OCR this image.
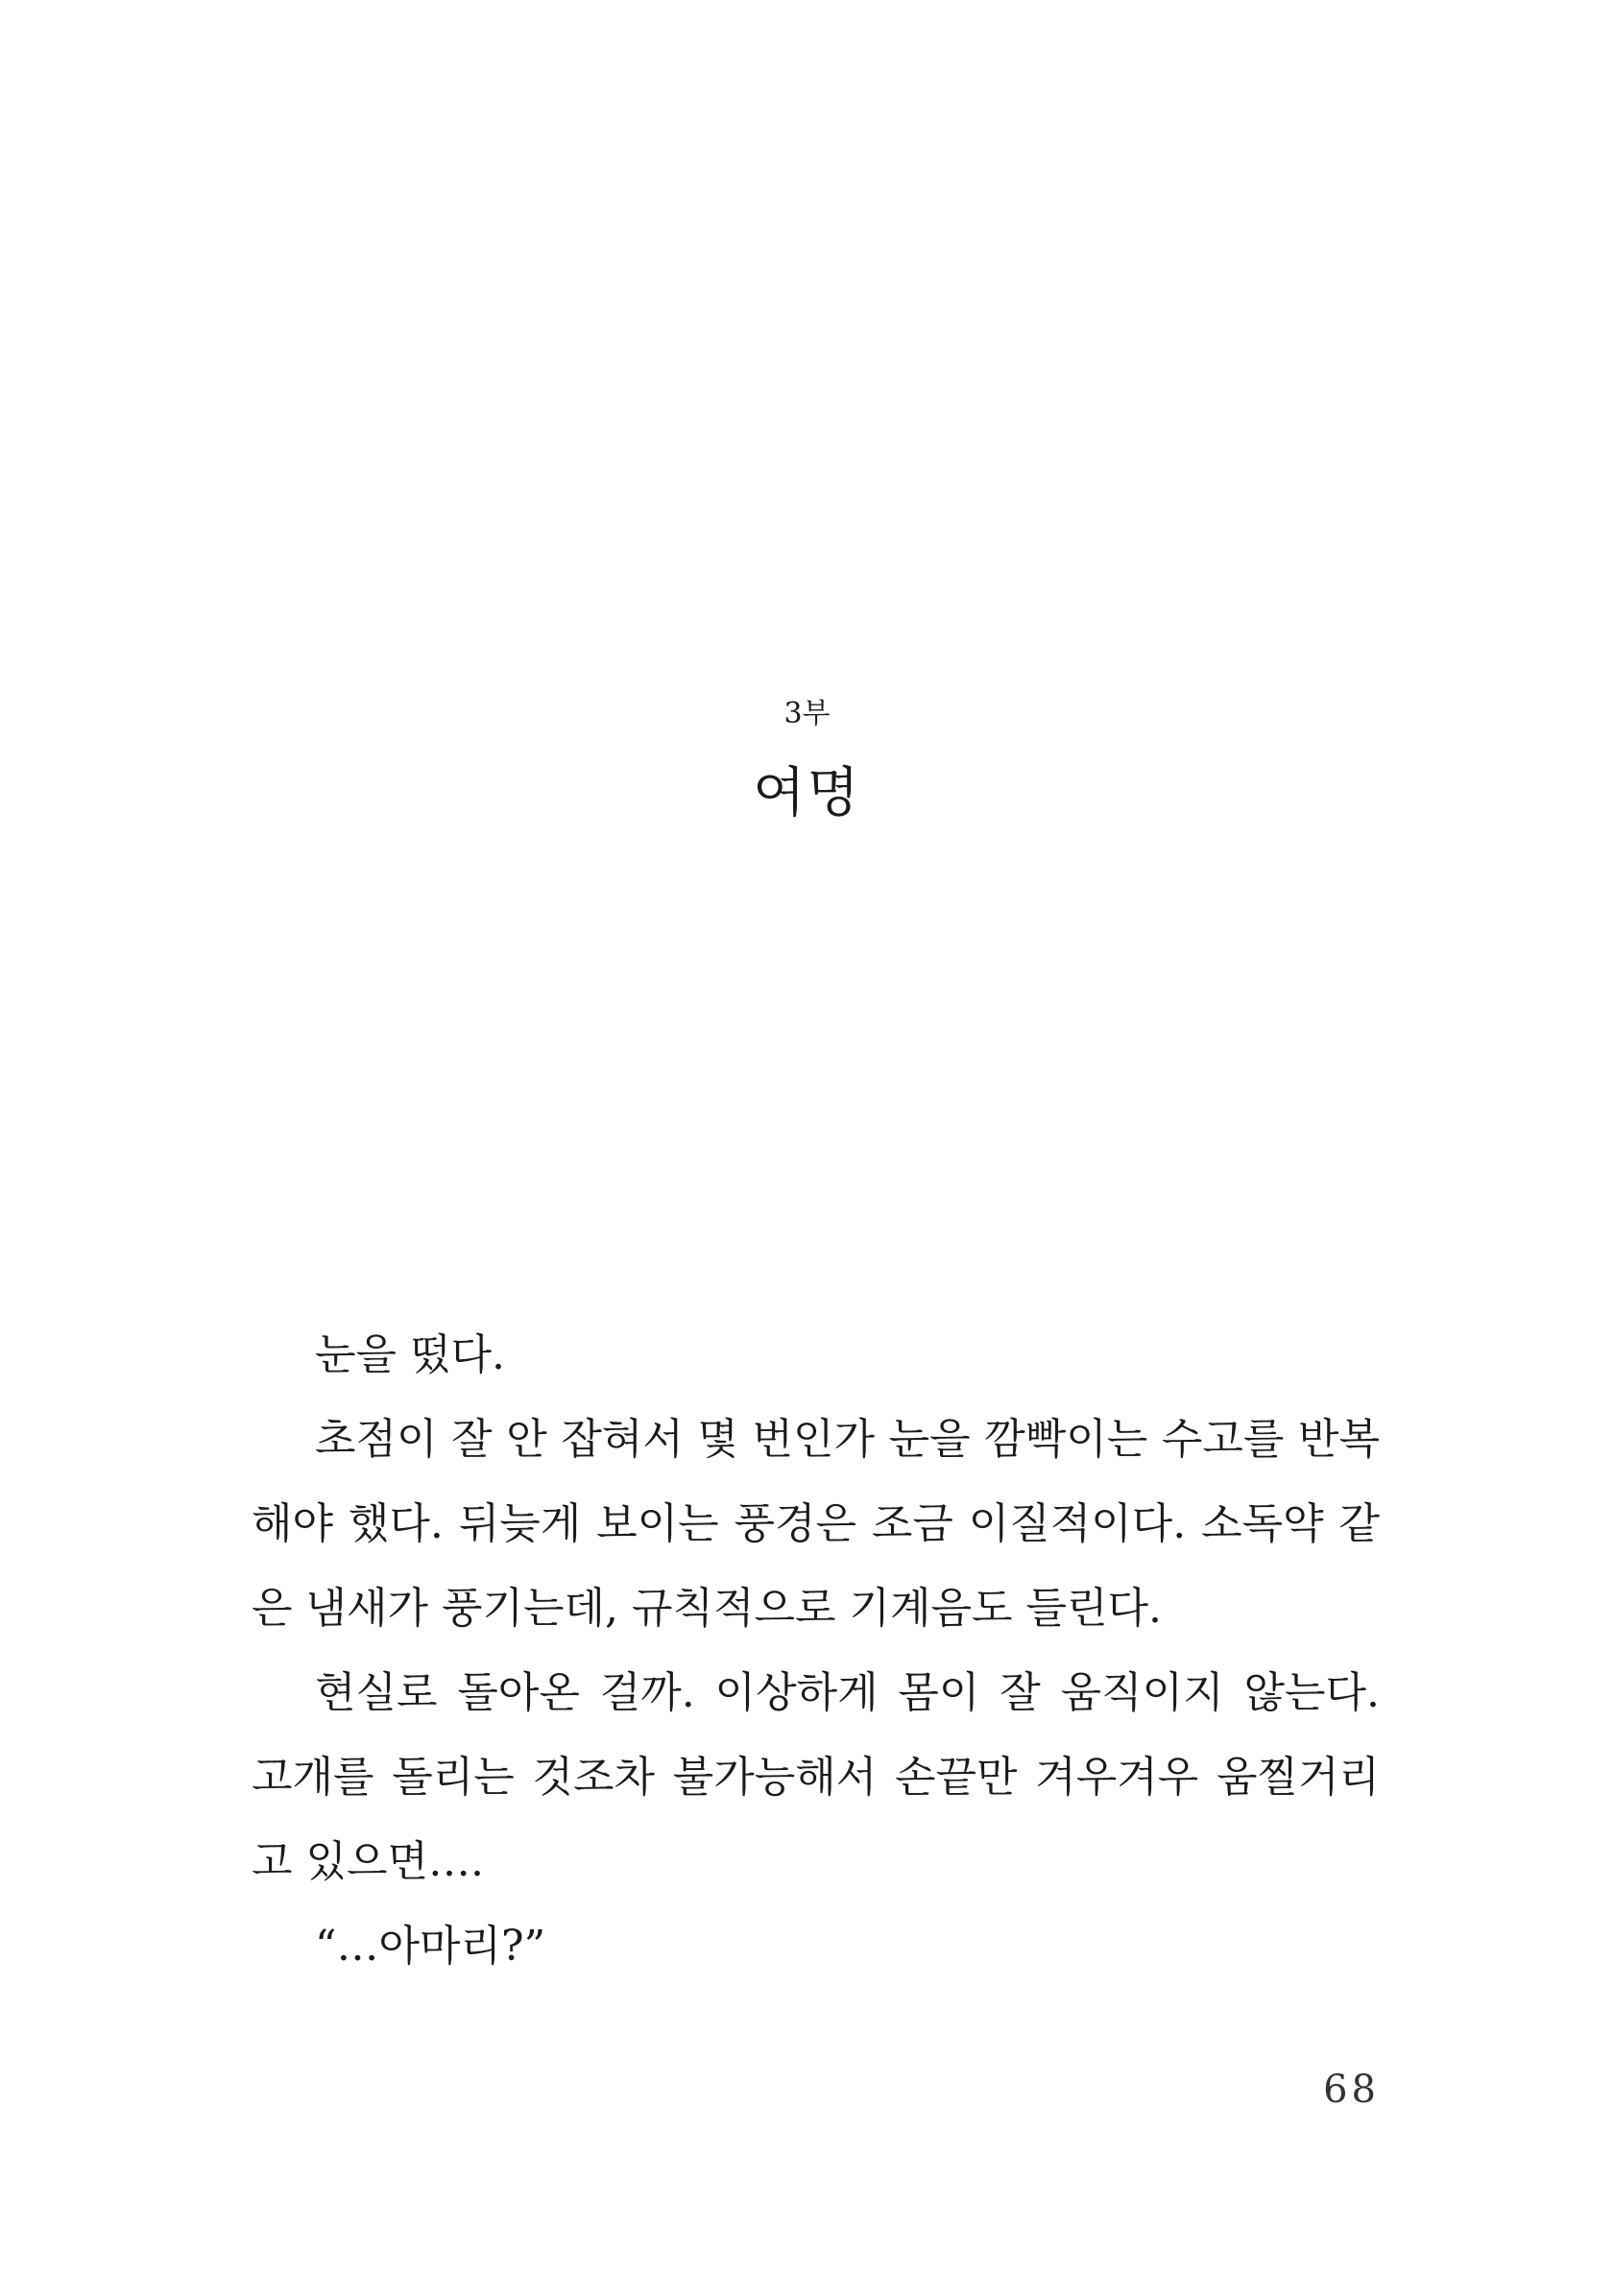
3부
여명

눈을 떴다.

초점이 잘 안 잡혀서 몇 번인가 눈을 깜빡이는 수고를 반복해야 했다. 뒤늦게 보이는 풍경은 조금 이질적이다. 소독약 같은 냄새가 풍기는데, 규칙적으로 기계음도 들린다.

현실로 돌아온 걸까. 이상하게 몸이 잘 움직이지 않는다. 고개를 돌리는 것조차 불가능해서 손끝만 겨우겨우 움찔거리고 있으면….

“…아마리?”

68
